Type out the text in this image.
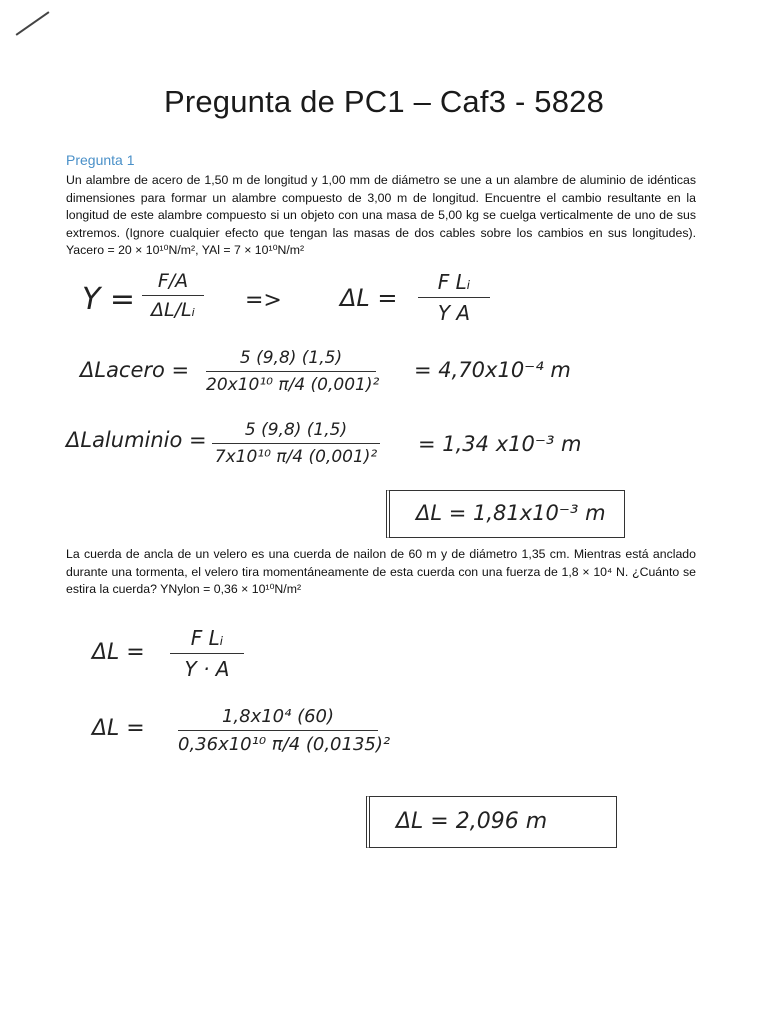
Pregunta de PC1 – Caf3 - 5828
Pregunta 1
Un alambre de acero de 1,50 m de longitud y 1,00 mm de diámetro se une a un alambre de aluminio de idénticas dimensiones para formar un alambre compuesto de 3,00 m de longitud. Encuentre el cambio resultante en la longitud de este alambre compuesto si un objeto con una masa de 5,00 kg se cuelga verticalmente de uno de sus extremos. (Ignore cualquier efecto que tengan las masas de dos cables sobre los cambios en sus longitudes). Yacero = 20 × 10¹⁰N/m², YAl = 7 × 10¹⁰N/m²
Y =
F/A
ΔL/Lᵢ	=> ΔL =
F Lᵢ
Y A
ΔLacero =	5 (9,8) (1,5)
20x10¹⁰ π/4 (0,001)²
= 4,70x10⁻⁴ m
ΔLaluminio =	5 (9,8) (1,5)
7x10¹⁰ π/4 (0,001)²
= 1,34 x10⁻³ m
ΔL = 1,81x10⁻³ m
La cuerda de ancla de un velero es una cuerda de nailon de 60 m y de diámetro 1,35 cm. Mientras está anclado durante una tormenta, el velero tira momentáneamente de esta cuerda con una fuerza de 1,8 × 10⁴ N. ¿Cuánto se estira la cuerda? YNylon = 0,36 × 10¹⁰N/m²
ΔL =
F Lᵢ
Y · A
ΔL =	1,8x10⁴ (60)
0,36x10¹⁰ π/4 (0,0135)²
ΔL = 2,096 m
